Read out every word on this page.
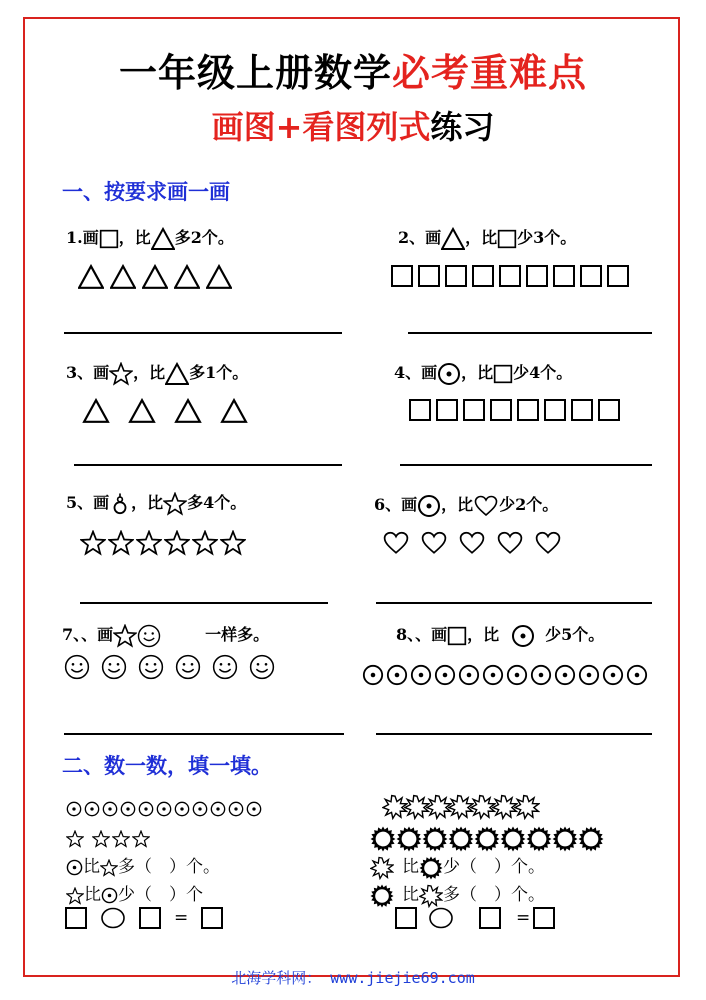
一年级上册数学必考重难点
画图+看图列式练习
一、按要求画一画
1.画 ，比 多2个。	2、画 ，比 少3个。
3、画 ，比 多1个。	4、画 ，比 少4个。
5、画 ，比 多4个。	6、画 ，比 少2个。
7、、画	一样多。	8、、画 ，比	少5个。
二、数一数，填一填。
比 多（　）个。
比 少（　）个
=
比 少（　）个。
比 多（　）个。
=
北海学科网： www.jiejie69.com
